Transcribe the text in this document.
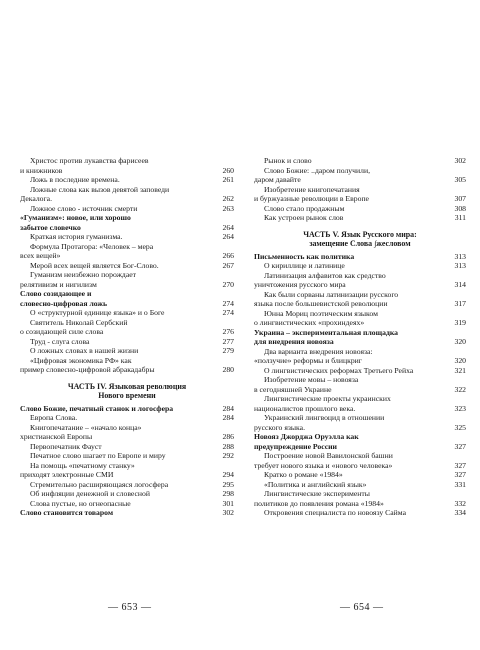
Христос против лукавства фарисеев
и книжников	260
Ложь в последние времена.	261
Ложные слова как вызов девятой заповеди
Декалога.	262
Ложное слово - источник смерти	263
«Гуманизм»: новое, или хорошо
забытое словечко	264
Краткая история гуманизма.	264
Формула Протагора: «Человек – мера
всех вещей»	266
Мерой всех вещей является Бог-Слово.	267
Гуманизм неизбежно порождает
релятивизм и нигилизм	270
Слово созидающее и
словесно-цифровая ложь	274
О «структурной единице языка» и о Боге	274
Святитель Николай Сербский
о созидающей силе слова	276
Труд - слуга слова	277
О ложных словах в нашей жизни	279
«Цифровая экономика РФ» как
пример словесно-цифровой абракадабры	280
ЧАСТЬ IV. Языковая революция
Нового времени
Слово Божие, печатный станок и логосфера	284
Европа Слова.	284
Книгопечатание – «начало конца»
христианской Европы	286
Первопечатник Фауст	288
Печатное слово шагает по Европе и миру	292
На помощь «печатному станку»
приходят электронные СМИ	294
Стремительно расширяющаяся логосфера	295
Об инфляции денежной и словесной	298
Слова пустые, но огнеопасные	301
Слово становится товаром	302
Рынок и слово	302
Слово Божие: ..даром получили,
даром давайте	305
Изобретение книгопечатания
и буржуазные революции в Европе	307
Слово стало продажным	308
Как устроен рынок слов	311
ЧАСТЬ V. Язык Русского мира:
замещение Слова ∫жесловоᴍ
Письменность как политика	313
О кириллице и латинице	313
Латинизация алфавитов как средство
уничтожения русского мира	314
Как были сорваны латинизации русского
языка после большевистской революции	317
Юнна Мориц поэтическим языком
о лингвистических «прохиндеях»	319
Украина – экспериментальная площадка
для внедрения новояза	320
Два варианта внедрения новояза:
«ползучие» реформы и блицкриг	320
О лингвистических реформах Третьего Рейха	321
Изобретение мовы – новояза
в сегодняшней Украине	322
Лингвистические проекты украинских
националистов прошлого века.	323
Украинский лингвоцид в отношении
русского языка.	325
Новояз Джорджа Оруэлла как
предупреждение России	327
Построение новой Вавилонской башни
требует нового языка и «нового человека»	327
Кратко о романе «1984»	327
«Политика и английский язык»	331
Лингвистические эксперименты
политиков до появления романа «1984»	332
Откровения специалиста по новоязу Сайма	334
— 653 —	— 654 —
